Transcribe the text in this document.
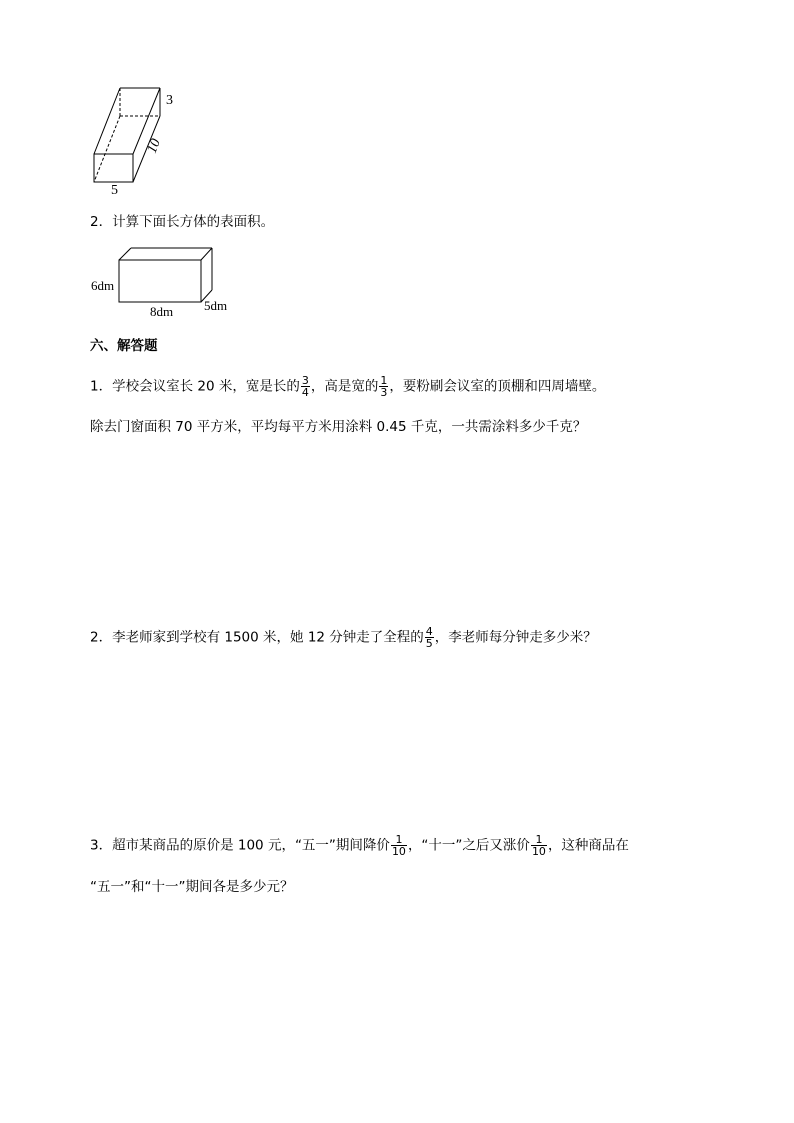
3
10
5
2．计算下面长方体的表面积。
6dm
8dm 5dm
六、解答题
1．学校会议室长 20 米，宽是长的 $\frac{3}{4}$ ，高是宽的 $\frac{1}{3}$ ，要粉刷会议室的顶棚和四周墙壁。
除去门窗面积 70 平方米，平均每平方米用涂料 0.45 千克，一共需涂料多少千克？
2．李老师家到学校有 1500 米，她 12 分钟走了全程的 $\frac{4}{5}$ ，李老师每分钟走多少米？
3．超市某商品的原价是 100 元，“五一”期间降价 $\frac{1}{10}$ ，“十一”之后又涨价 $\frac{1}{10}$ ，这种商品在
“五一”和“十一”期间各是多少元？
